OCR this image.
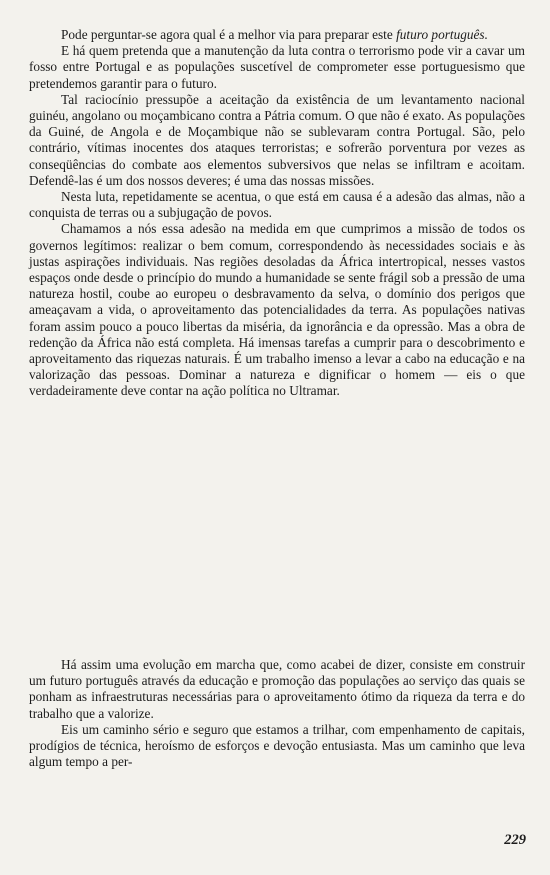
Pode perguntar-se agora qual é a melhor via para preparar este futuro português.

E há quem pretenda que a manutenção da luta contra o terrorismo pode vir a cavar um fosso entre Portugal e as populações suscetível de comprometer esse portuguesismo que pretendemos garantir para o futuro.

Tal raciocínio pressupõe a aceitação da existência de um levantamento nacional guinéu, angolano ou moçambicano contra a Pátria comum. O que não é exato. As populações da Guiné, de Angola e de Moçambique não se sublevaram contra Portugal. São, pelo contrário, vítimas inocentes dos ataques terroristas; e sofrerão porventura por vezes as conseqüências do combate aos elementos subversivos que nelas se infiltram e acoitam. Defendê-las é um dos nossos deveres; é uma das nossas missões.

Nesta luta, repetidamente se acentua, o que está em causa é a adesão das almas, não a conquista de terras ou a subjugação de povos.

Chamamos a nós essa adesão na medida em que cumprimos a missão de todos os governos legítimos: realizar o bem comum, correspondendo às necessidades sociais e às justas aspirações individuais. Nas regiões desoladas da África intertropical, nesses vastos espaços onde desde o princípio do mundo a humanidade se sente frágil sob a pressão de uma natureza hostil, coube ao europeu o desbravamento da selva, o domínio dos perigos que ameaçavam a vida, o aproveitamento das potencialidades da terra. As populações nativas foram assim pouco a pouco libertas da miséria, da ignorância e da opressão. Mas a obra de redenção da África não está completa. Há imensas tarefas a cumprir para o descobrimento e aproveitamento das riquezas naturais. É um trabalho imenso a levar a cabo na educação e na valorização das pessoas. Dominar a natureza e dignificar o homem — eis o que verdadeiramente deve contar na ação política no Ultramar.

Há assim uma evolução em marcha que, como acabei de dizer, consiste em construir um futuro português através da educação e promoção das populações ao serviço das quais se ponham as infraestruturas necessárias para o aproveitamento ótimo da riqueza da terra e do trabalho que a valorize.

Eis um caminho sério e seguro que estamos a trilhar, com empenhamento de capitais, prodígios de técnica, heroísmo de esforços e devoção entusiasta. Mas um caminho que leva algum tempo a per-

229
